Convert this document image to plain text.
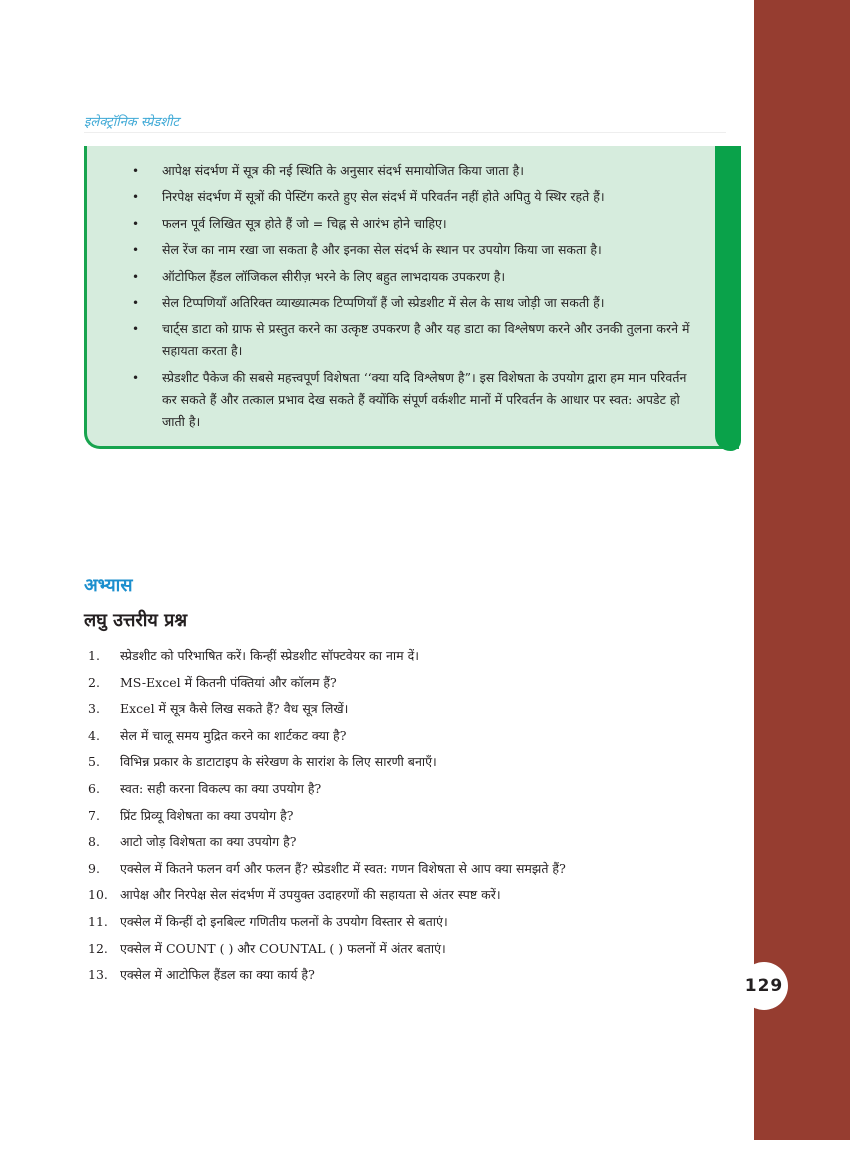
इलेक्ट्रॉनिक स्प्रेडशीट
• आपेक्ष संदर्भण में सूत्र की नई स्थिति के अनुसार संदर्भ समायोजित किया जाता है।
• निरपेक्ष संदर्भण में सूत्रों की पेस्टिंग करते हुए सेल संदर्भ में परिवर्तन नहीं होते अपितु ये स्थिर रहते हैं।
• फलन पूर्व लिखित सूत्र होते हैं जो = चिह्न से आरंभ होने चाहिए।
• सेल रेंज का नाम रखा जा सकता है और इनका सेल संदर्भ के स्थान पर उपयोग किया जा सकता है।
• ऑटोफिल हैंडल लॉजिकल सीरीज़ भरने के लिए बहुत लाभदायक उपकरण है।
• सेल टिप्पणियाँ अतिरिक्त व्याख्यात्मक टिप्पणियाँ हैं जो स्प्रेडशीट में सेल के साथ जोड़ी जा सकती हैं।
• चार्ट्स डाटा को ग्राफ से प्रस्तुत करने का उत्कृष्ट उपकरण है और यह डाटा का विश्लेषण करने और उनकी तुलना करने में सहायता करता है।
• स्प्रेडशीट पैकेज की सबसे महत्त्वपूर्ण विशेषता ‘‘क्या यदि विश्लेषण है”। इस विशेषता के उपयोग द्वारा हम मान परिवर्तन कर सकते हैं और तत्काल प्रभाव देख सकते हैं क्योंकि संपूर्ण वर्कशीट मानों में परिवर्तन के आधार पर स्वत: अपडेट हो जाती है।
अभ्यास
लघु उत्तरीय प्रश्न
1. स्प्रेडशीट को परिभाषित करें। किन्हीं स्प्रेडशीट सॉफ्टवेयर का नाम दें।
2. MS-Excel में कितनी पंक्तियां और कॉलम हैं?
3. Excel में सूत्र कैसे लिख सकते हैं? वैध सूत्र लिखें।
4. सेल में चालू समय मुद्रित करने का शार्टकट क्या है?
5. विभिन्न प्रकार के डाटाटाइप के संरेखण के सारांश के लिए सारणी बनाएँ।
6. स्वत: सही करना विकल्प का क्या उपयोग है?
7. प्रिंट प्रिव्यू विशेषता का क्या उपयोग है?
8. आटो जोड़ विशेषता का क्या उपयोग है?
9. एक्सेल में कितने फलन वर्ग और फलन हैं? स्प्रेडशीट में स्वत: गणन विशेषता से आप क्या समझते हैं?
10. आपेक्ष और निरपेक्ष सेल संदर्भण में उपयुक्त उदाहरणों की सहायता से अंतर स्पष्ट करें।
11. एक्सेल में किन्हीं दो इनबिल्ट गणितीय फलनों के उपयोग विस्तार से बताएं।
12. एक्सेल में COUNT ( ) और COUNTAL ( ) फलनों में अंतर बताएं।
13. एक्सेल में आटोफिल हैंडल का क्या कार्य है?
129
